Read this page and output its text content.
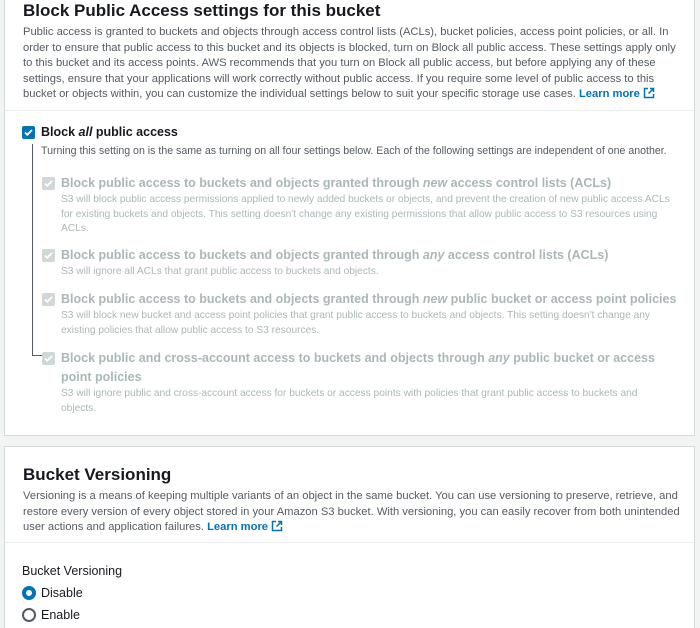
Block Public Access settings for this bucket
Public access is granted to buckets and objects through access control lists (ACLs), bucket policies, access point policies, or all. In order to ensure that public access to this bucket and its objects is blocked, turn on Block all public access. These settings apply only to this bucket and its access points. AWS recommends that you turn on Block all public access, but before applying any of these settings, ensure that your applications will work correctly without public access. If you require some level of public access to this bucket or objects within, you can customize the individual settings below to suit your specific storage use cases. Learn more
Block all public access
Turning this setting on is the same as turning on all four settings below. Each of the following settings are independent of one another.
Block public access to buckets and objects granted through new access control lists (ACLs)
S3 will block public access permissions applied to newly added buckets or objects, and prevent the creation of new public access ACLs for existing buckets and objects. This setting doesn't change any existing permissions that allow public access to S3 resources using ACLs.
Block public access to buckets and objects granted through any access control lists (ACLs)
S3 will ignore all ACLs that grant public access to buckets and objects.
Block public access to buckets and objects granted through new public bucket or access point policies
S3 will block new bucket and access point policies that grant public access to buckets and objects. This setting doesn't change any existing policies that allow public access to S3 resources.
Block public and cross-account access to buckets and objects through any public bucket or access point policies
S3 will ignore public and cross-account access for buckets or access points with policies that grant public access to buckets and objects.
Bucket Versioning
Versioning is a means of keeping multiple variants of an object in the same bucket. You can use versioning to preserve, retrieve, and restore every version of every object stored in your Amazon S3 bucket. With versioning, you can easily recover from both unintended user actions and application failures. Learn more
Bucket Versioning
Disable
Enable
